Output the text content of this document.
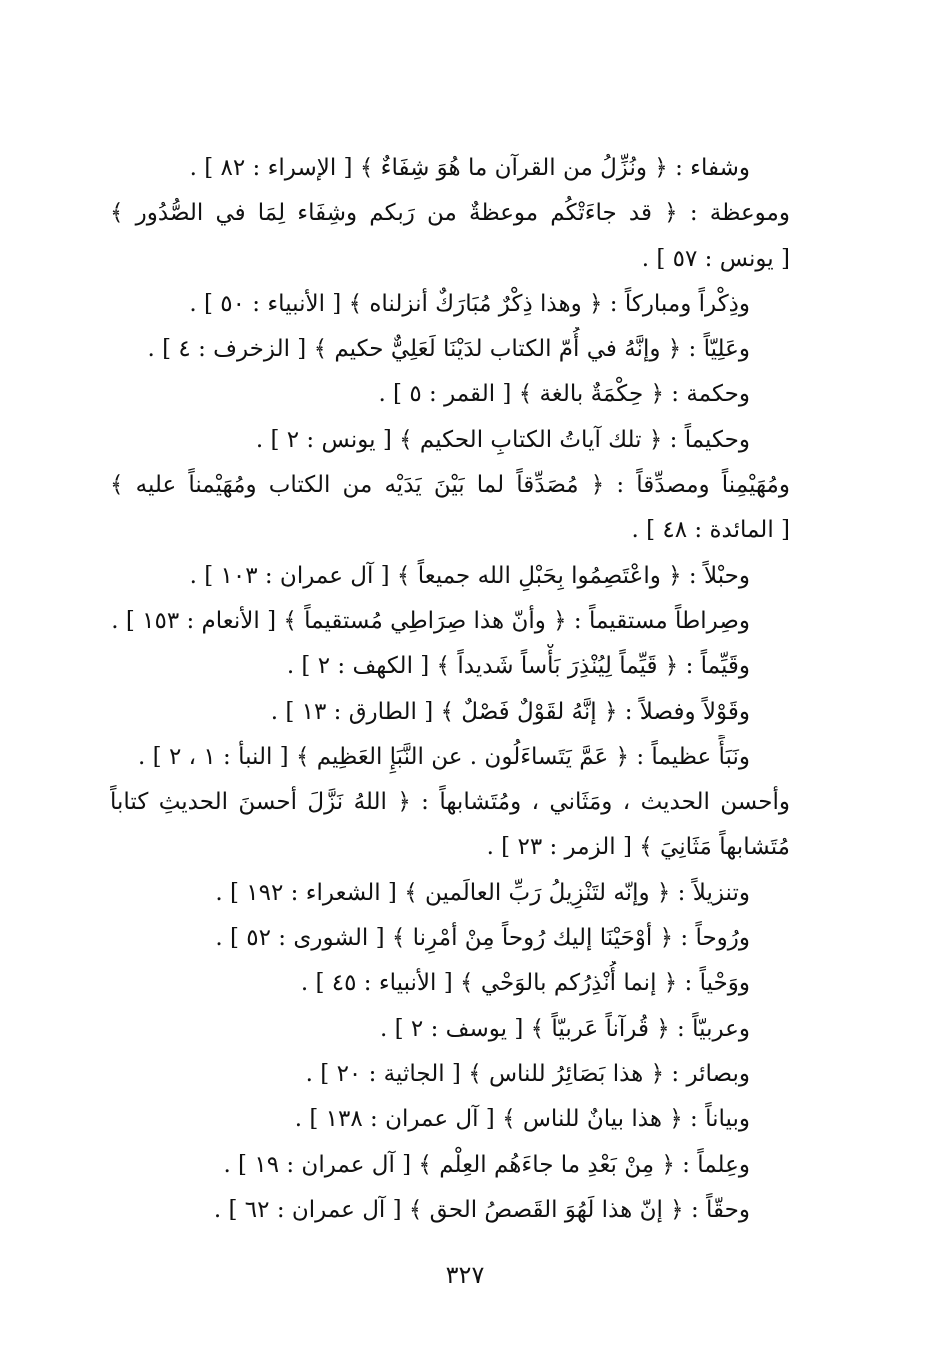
وشفاء : ﴿ ونُزِّلُ من القرآن ما هُوَ شِفَاءٌ ﴾ [ الإسراء : ٨٢ ] .
وموعظة : ﴿ قد جاءَتْكُم موعظةٌ من رَبكم وشِفَاء لِمَا في الصُّدُور ﴾
[ يونس : ٥٧ ] .
وذِكْراً ومباركاً : ﴿ وهذا ذِكْرٌ مُبَارَكٌ أنزلناه ﴾ [ الأنبياء : ٥٠ ] .
وعَلِيّاً : ﴿ وإنَّهُ في أُمّ الكتاب لدَيْنَا لَعَلِيٌّ حكيم ﴾ [ الزخرف : ٤ ] .
وحكمة : ﴿ حِكْمَةٌ بالغة ﴾ [ القمر : ٥ ] .
وحكيماً : ﴿ تلك آياتُ الكتابِ الحكيم ﴾ [ يونس : ٢ ] .
ومُهَيْمِناً ومصدِّقاً : ﴿ مُصَدِّقاً لما بَيْنَ يَدَيْه من الكتاب ومُهَيْمناً عليه ﴾
[ المائدة : ٤٨ ] .
وحبْلاً : ﴿ واعْتَصِمُوا بِحَبْلِ الله جميعاً ﴾ [ آل عمران : ١٠٣ ] .
وصِراطاً مستقيماً : ﴿ وأنّ هذا صِرَاطِي مُستقيماً ﴾ [ الأنعام : ١٥٣ ] .
وقَيِّماً : ﴿ قَيِّماً لِيُنْذِرَ بَأْساً شَديداً ﴾ [ الكهف : ٢ ] .
وقَوْلاً وفصلاً : ﴿ إنَّهُ لقَوْلٌ فَصْلٌ ﴾ [ الطارق : ١٣ ] .
ونَبَأً عظيماً : ﴿ عَمَّ يَتَساءَلُون . عن النَّبَإِ العَظِيم ﴾ [ النبأ : ١ ، ٢ ] .
وأحسن الحديث ، ومَثَاني ، ومُتَشابهاً : ﴿ اللهُ نَزَّلَ أحسنَ الحديثِ كتاباً
مُتَشابهاً مَثَانِيَ ﴾ [ الزمر : ٢٣ ] .
وتنزيلاً : ﴿ وإنّه لتَنْزِيلُ رَبِّ العالَمين ﴾ [ الشعراء : ١٩٢ ] .
ورُوحاً : ﴿ أوْحَيْنَا إليك رُوحاً مِنْ أمْرِنا ﴾ [ الشورى : ٥٢ ] .
ووَحْياً : ﴿ إنما أُنْذِرُكم بالوَحْي ﴾ [ الأنبياء : ٤٥ ] .
وعربيّاً : ﴿ قُرآناً عَربيّاً ﴾ [ يوسف : ٢ ] .
وبصائر : ﴿ هذا بَصَائِرُ للناس ﴾ [ الجاثية : ٢٠ ] .
وبياناً : ﴿ هذا بيانٌ للناس ﴾ [ آل عمران : ١٣٨ ] .
وعِلماً : ﴿ مِنْ بَعْدِ ما جاءَهُم العِلْم ﴾ [ آل عمران : ١٩ ] .
وحقّاً : ﴿ إنّ هذا لَهُوَ القَصصُ الحق ﴾ [ آل عمران : ٦٢ ] .
٣٢٧
